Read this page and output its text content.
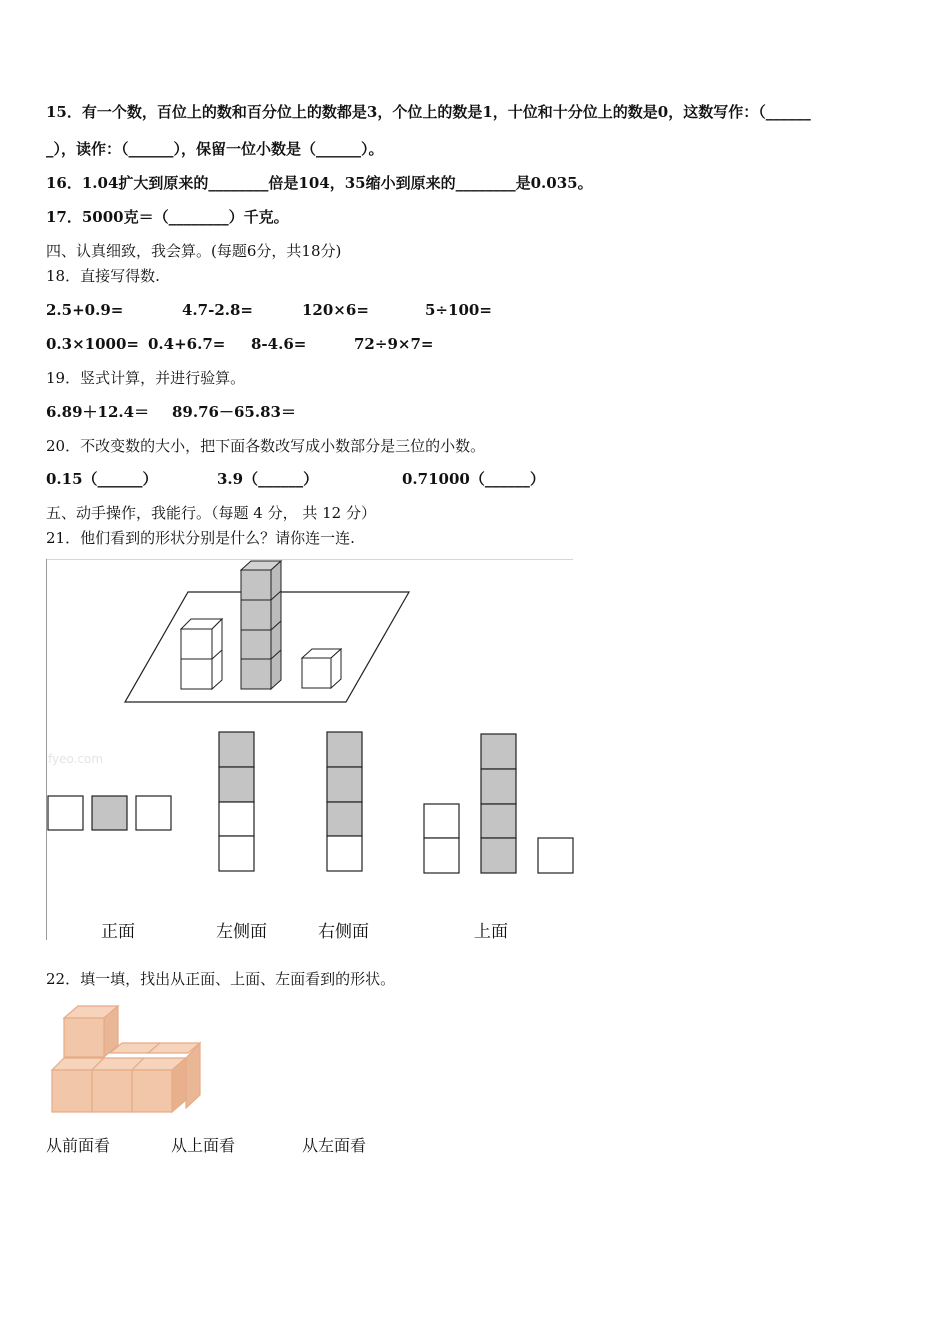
15．有一个数，百位上的数和百分位上的数都是3，个位上的数是1，十位和十分位上的数是0，这数写作：（______
_），读作：（______），保留一位小数是（______）。
16．1.04扩大到原来的________倍是104，35缩小到原来的________是0.035。
17．5000克＝（________）千克。
四、认真细致，我会算。(每题6分，共18分)
18．直接写得数.
2.5+0.9=	4.7-2.8=	120×6=	5÷100=
0.3×1000= 0.4+6.7= 8-4.6=	72÷9×7=
19．竖式计算，并进行验算。
6.89＋12.4＝ 89.76－65.83＝
20．不改变数的大小，把下面各数改写成小数部分是三位的小数。
0.15（______）	3.9（______）	0.71000（______）
五、动手操作，我能行。（每题 4 分， 共 12 分）
21．他们看到的形状分别是什么？请你连一连.
fyeo.com
正面	左侧面	右侧面	上面
22．填一填，找出从正面、上面、左面看到的形状。
从前面看	从上面看	从左面看
